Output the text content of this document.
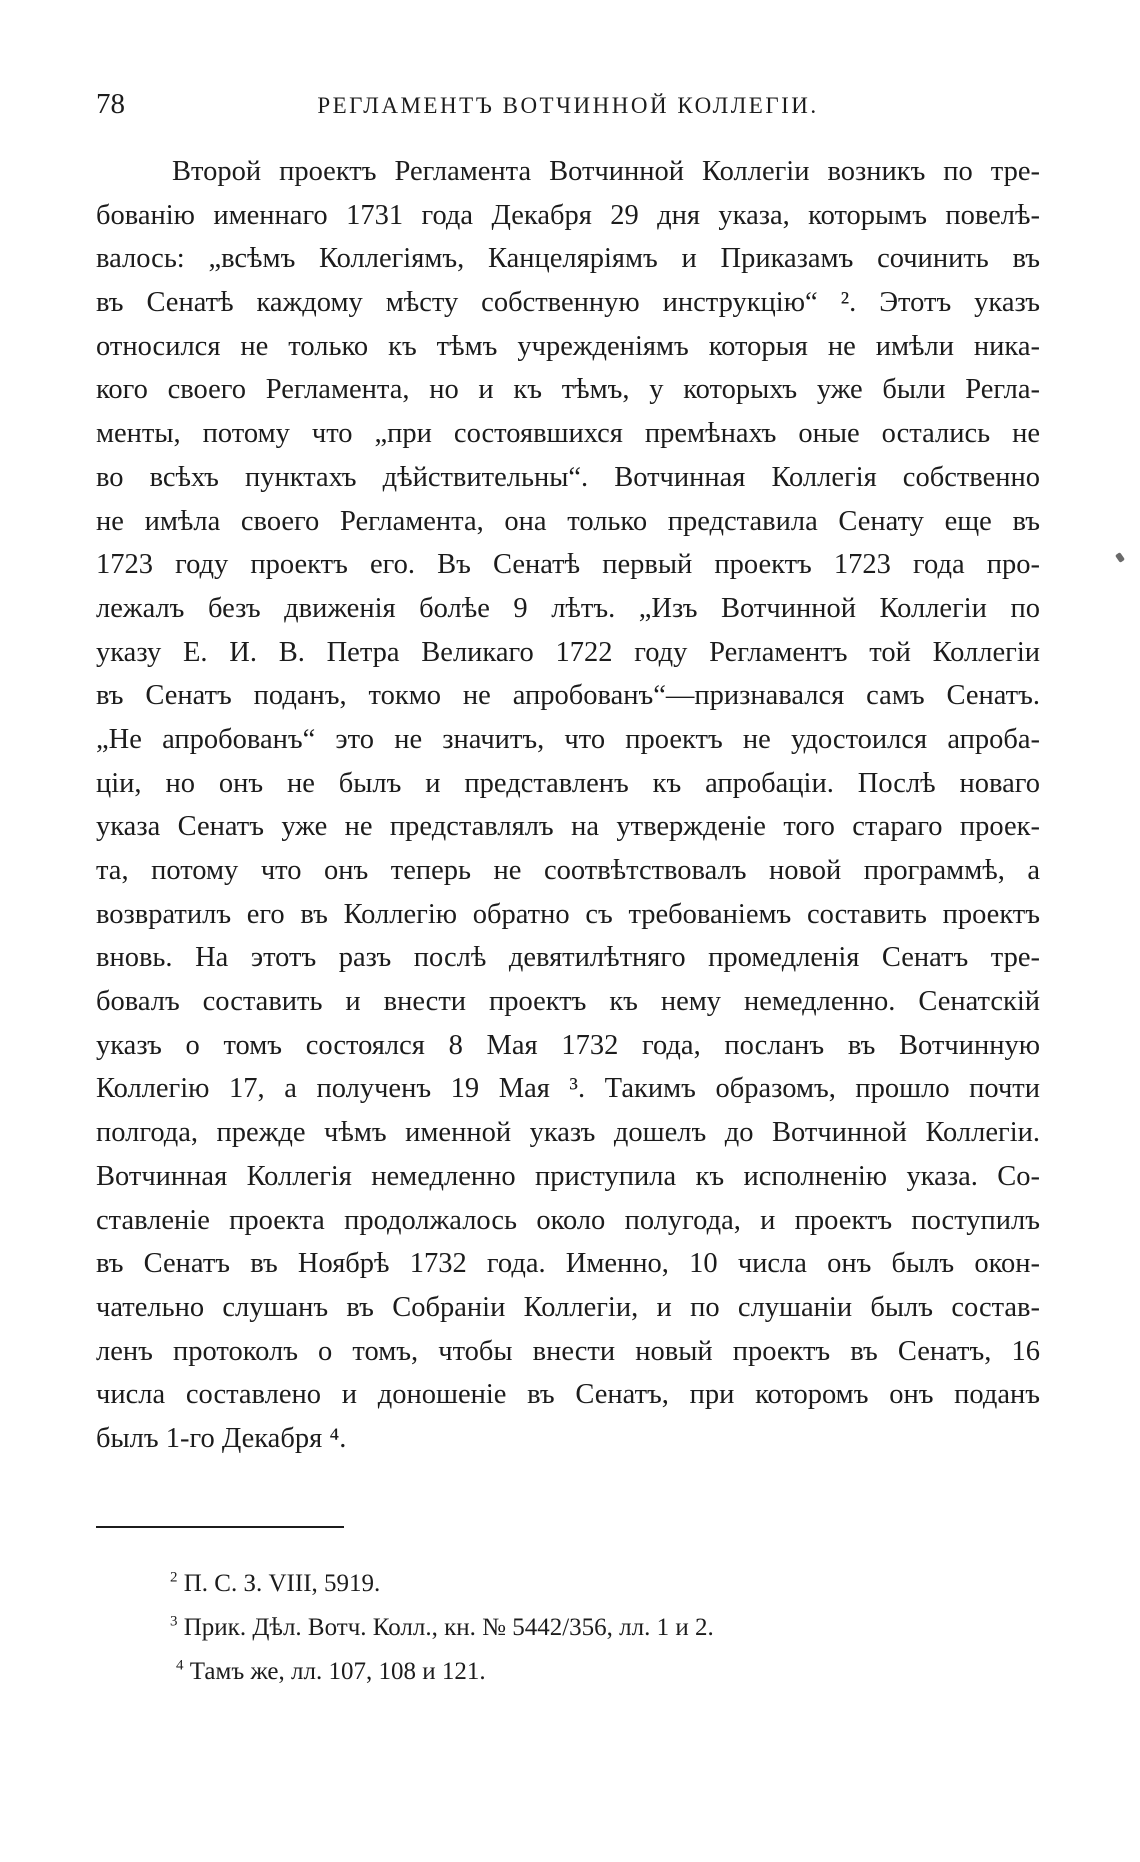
78	РЕГЛАМЕНТЪ ВОТЧИННОЙ КОЛЛЕГІИ.
Второй проектъ Регламента Вотчинной Коллегіи возникъ по тре-
бованію именнаго 1731 года Декабря 29 дня указа, которымъ повелѣ-
валось: „всѣмъ Коллегіямъ, Канцеляріямъ и Приказамъ сочинить въ
въ Сенатѣ каждому мѣсту собственную инструкцію“ ². Этотъ указъ
относился не только къ тѣмъ учрежденіямъ которыя не имѣли ника-
кого своего Регламента, но и къ тѣмъ, у которыхъ уже были Регла-
менты, потому что „при состоявшихся премѣнахъ оные остались не
во всѣхъ пунктахъ дѣйствительны“. Вотчинная Коллегія собственно
не имѣла своего Регламента, она только представила Сенату еще въ
1723 году проектъ его. Въ Сенатѣ первый проектъ 1723 года про-
лежалъ безъ движенія болѣе 9 лѣтъ. „Изъ Вотчинной Коллегіи по
указу Е. И. В. Петра Великаго 1722 году Регламентъ той Коллегіи
въ Сенатъ поданъ, токмо не апробованъ“—признавался самъ Сенатъ.
„Не апробованъ“ это не значитъ, что проектъ не удостоился апроба-
ціи, но онъ не былъ и представленъ къ апробаціи. Послѣ новаго
указа Сенатъ уже не представлялъ на утвержденіе того стараго проек-
та, потому что онъ теперь не соотвѣтствовалъ новой программѣ, а
возвратилъ его въ Коллегію обратно съ требованіемъ составить проектъ
вновь. На этотъ разъ послѣ девятилѣтняго промедленія Сенатъ тре-
бовалъ составить и внести проектъ къ нему немедленно. Сенатскій
указъ о томъ состоялся 8 Мая 1732 года, посланъ въ Вотчинную
Коллегію 17, а полученъ 19 Мая ³. Такимъ образомъ, прошло почти
полгода, прежде чѣмъ именной указъ дошелъ до Вотчинной Коллегіи.
Вотчинная Коллегія немедленно приступила къ исполненію указа. Со-
ставленіе проекта продолжалось около полугода, и проектъ поступилъ
въ Сенатъ въ Ноябрѣ 1732 года. Именно, 10 числа онъ былъ окон-
чательно слушанъ въ Собраніи Коллегіи, и по слушаніи былъ состав-
ленъ протоколъ о томъ, чтобы внести новый проектъ въ Сенатъ, 16
числа составлено и доношеніе въ Сенатъ, при которомъ онъ поданъ
былъ 1-го Декабря ⁴.
$^2$ П. С. З. VIII, 5919.
$^3$ Прик. Дѣл. Вотч. Колл., кн. № 5442/356, лл. 1 и 2.
$^4$ Тамъ же, лл. 107, 108 и 121.
